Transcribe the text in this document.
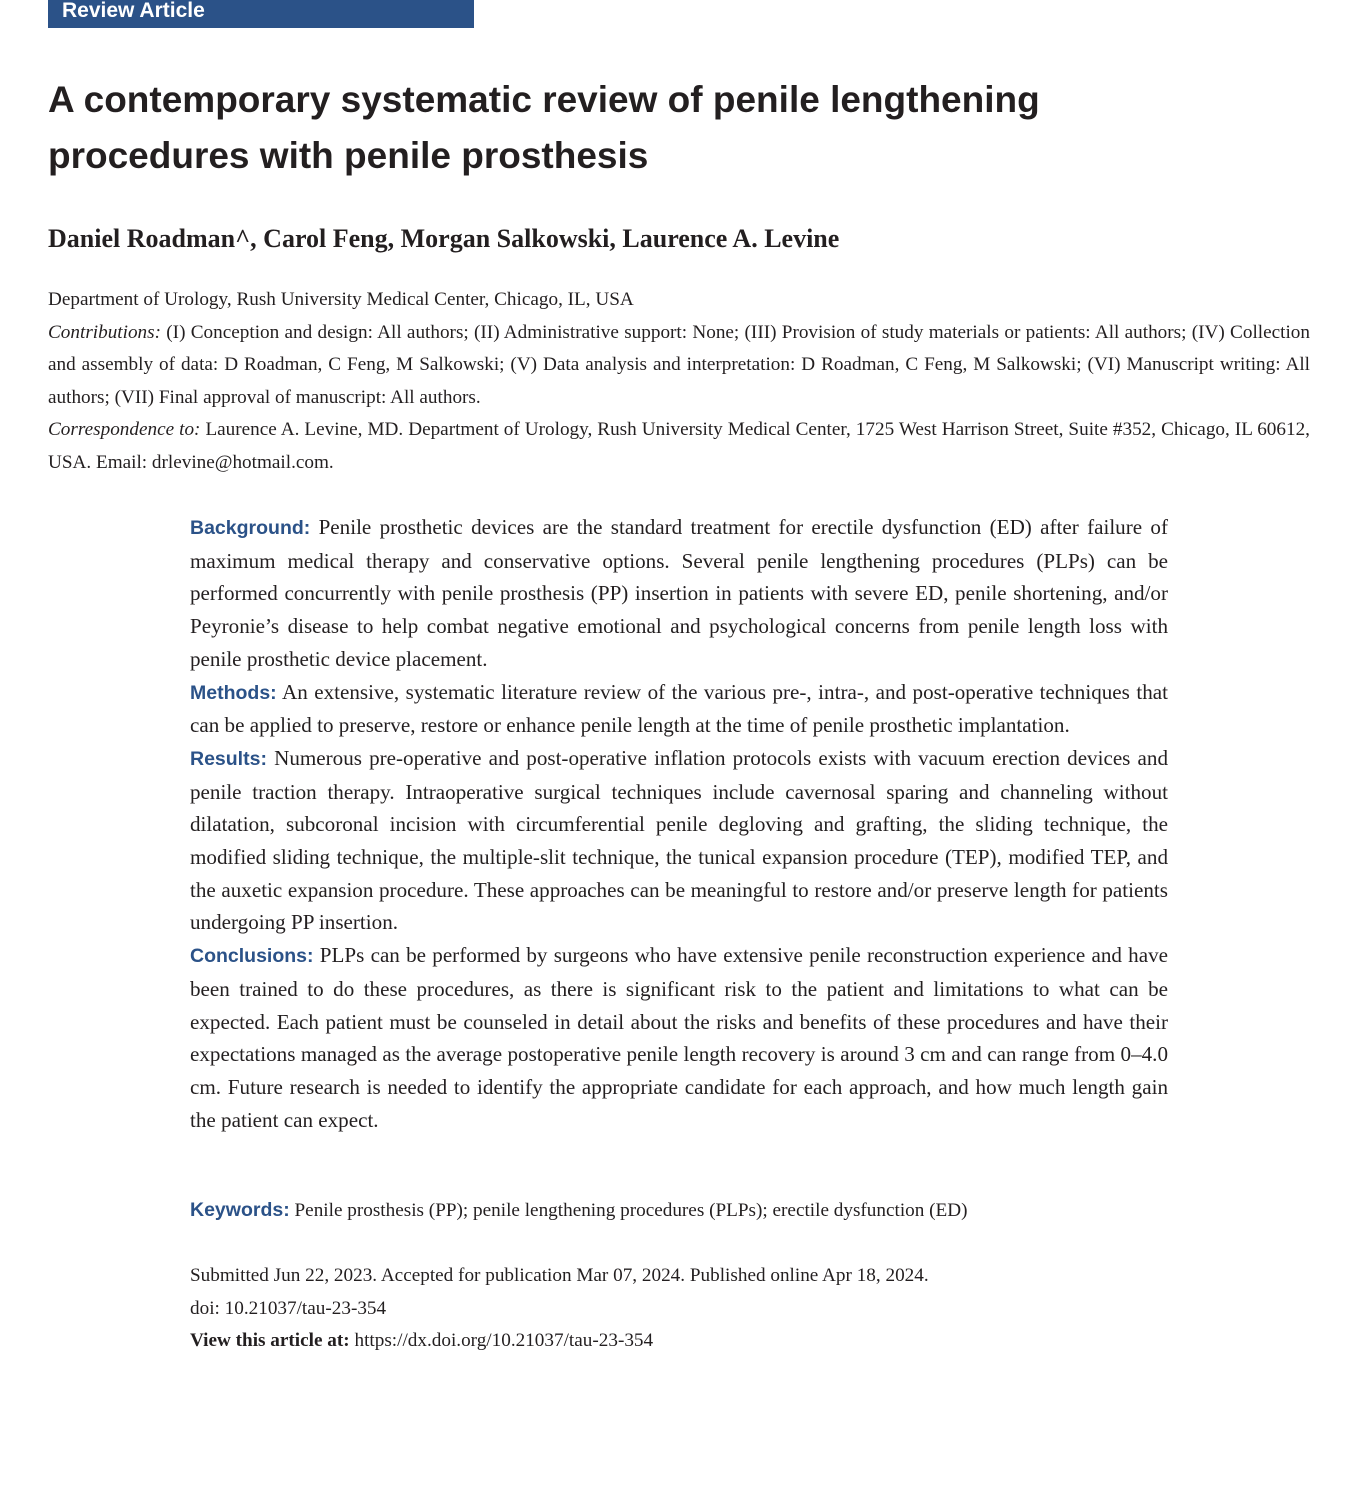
Review Article
A contemporary systematic review of penile lengthening procedures with penile prosthesis
Daniel Roadman^, Carol Feng, Morgan Salkowski, Laurence A. Levine

Department of Urology, Rush University Medical Center, Chicago, IL, USA

Contributions: (I) Conception and design: All authors; (II) Administrative support: None; (III) Provision of study materials or patients: All authors; (IV) Collection and assembly of data: D Roadman, C Feng, M Salkowski; (V) Data analysis and interpretation: D Roadman, C Feng, M Salkowski; (VI) Manuscript writing: All authors; (VII) Final approval of manuscript: All authors.

Correspondence to: Laurence A. Levine, MD. Department of Urology, Rush University Medical Center, 1725 West Harrison Street, Suite #352, Chicago, IL 60612, USA. Email: drlevine@hotmail.com.

Background: Penile prosthetic devices are the standard treatment for erectile dysfunction (ED) after failure of maximum medical therapy and conservative options. Several penile lengthening procedures (PLPs) can be performed concurrently with penile prosthesis (PP) insertion in patients with severe ED, penile shortening, and/or Peyronie’s disease to help combat negative emotional and psychological concerns from penile length loss with penile prosthetic device placement.

Methods: An extensive, systematic literature review of the various pre-, intra-, and post-operative techniques that can be applied to preserve, restore or enhance penile length at the time of penile prosthetic implantation.

Results: Numerous pre-operative and post-operative inflation protocols exists with vacuum erection devices and penile traction therapy. Intraoperative surgical techniques include cavernosal sparing and channeling without dilatation, subcoronal incision with circumferential penile degloving and grafting, the sliding technique, the modified sliding technique, the multiple-slit technique, the tunical expansion procedure (TEP), modified TEP, and the auxetic expansion procedure. These approaches can be meaningful to restore and/or preserve length for patients undergoing PP insertion.

Conclusions: PLPs can be performed by surgeons who have extensive penile reconstruction experience and have been trained to do these procedures, as there is significant risk to the patient and limitations to what can be expected. Each patient must be counseled in detail about the risks and benefits of these procedures and have their expectations managed as the average postoperative penile length recovery is around 3 cm and can range from 0–4.0 cm. Future research is needed to identify the appropriate candidate for each approach, and how much length gain the patient can expect.

Keywords: Penile prosthesis (PP); penile lengthening procedures (PLPs); erectile dysfunction (ED)

Submitted Jun 22, 2023. Accepted for publication Mar 07, 2024. Published online Apr 18, 2024.

doi: 10.21037/tau-23-354

View this article at: https://dx.doi.org/10.21037/tau-23-354
